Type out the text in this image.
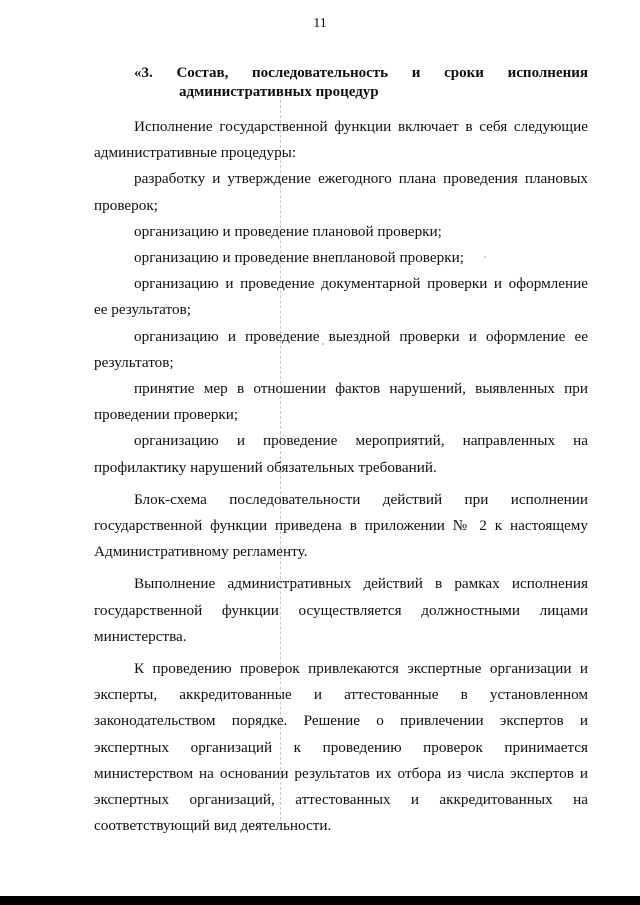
11
«3. Состав, последовательность и сроки исполнения
административных процедур

Исполнение государственной функции включает в себя следующие административные процедуры:

разработку и утверждение ежегодного плана проведения плановых проверок;

организацию и проведение плановой проверки;

организацию и проведение внеплановой проверки;

организацию и проведение документарной проверки и оформление ее результатов;

организацию и проведение выездной проверки и оформление ее результатов;

принятие мер в отношении фактов нарушений, выявленных при проведении проверки;

организацию и проведение мероприятий, направленных на профилактику нарушений обязательных требований.

Блок-схема последовательности действий при исполнении государственной функции приведена в приложении № 2 к настоящему Административному регламенту.

Выполнение административных действий в рамках исполнения государственной функции осуществляется должностными лицами министерства.

К проведению проверок привлекаются экспертные организации и эксперты, аккредитованные и аттестованные в установленном законодательством порядке. Решение о привлечении экспертов и экспертных организаций к проведению проверок принимается министерством на основании результатов их отбора из числа экспертов и экспертных организаций, аттестованных и аккредитованных на соответствующий вид деятельности.
